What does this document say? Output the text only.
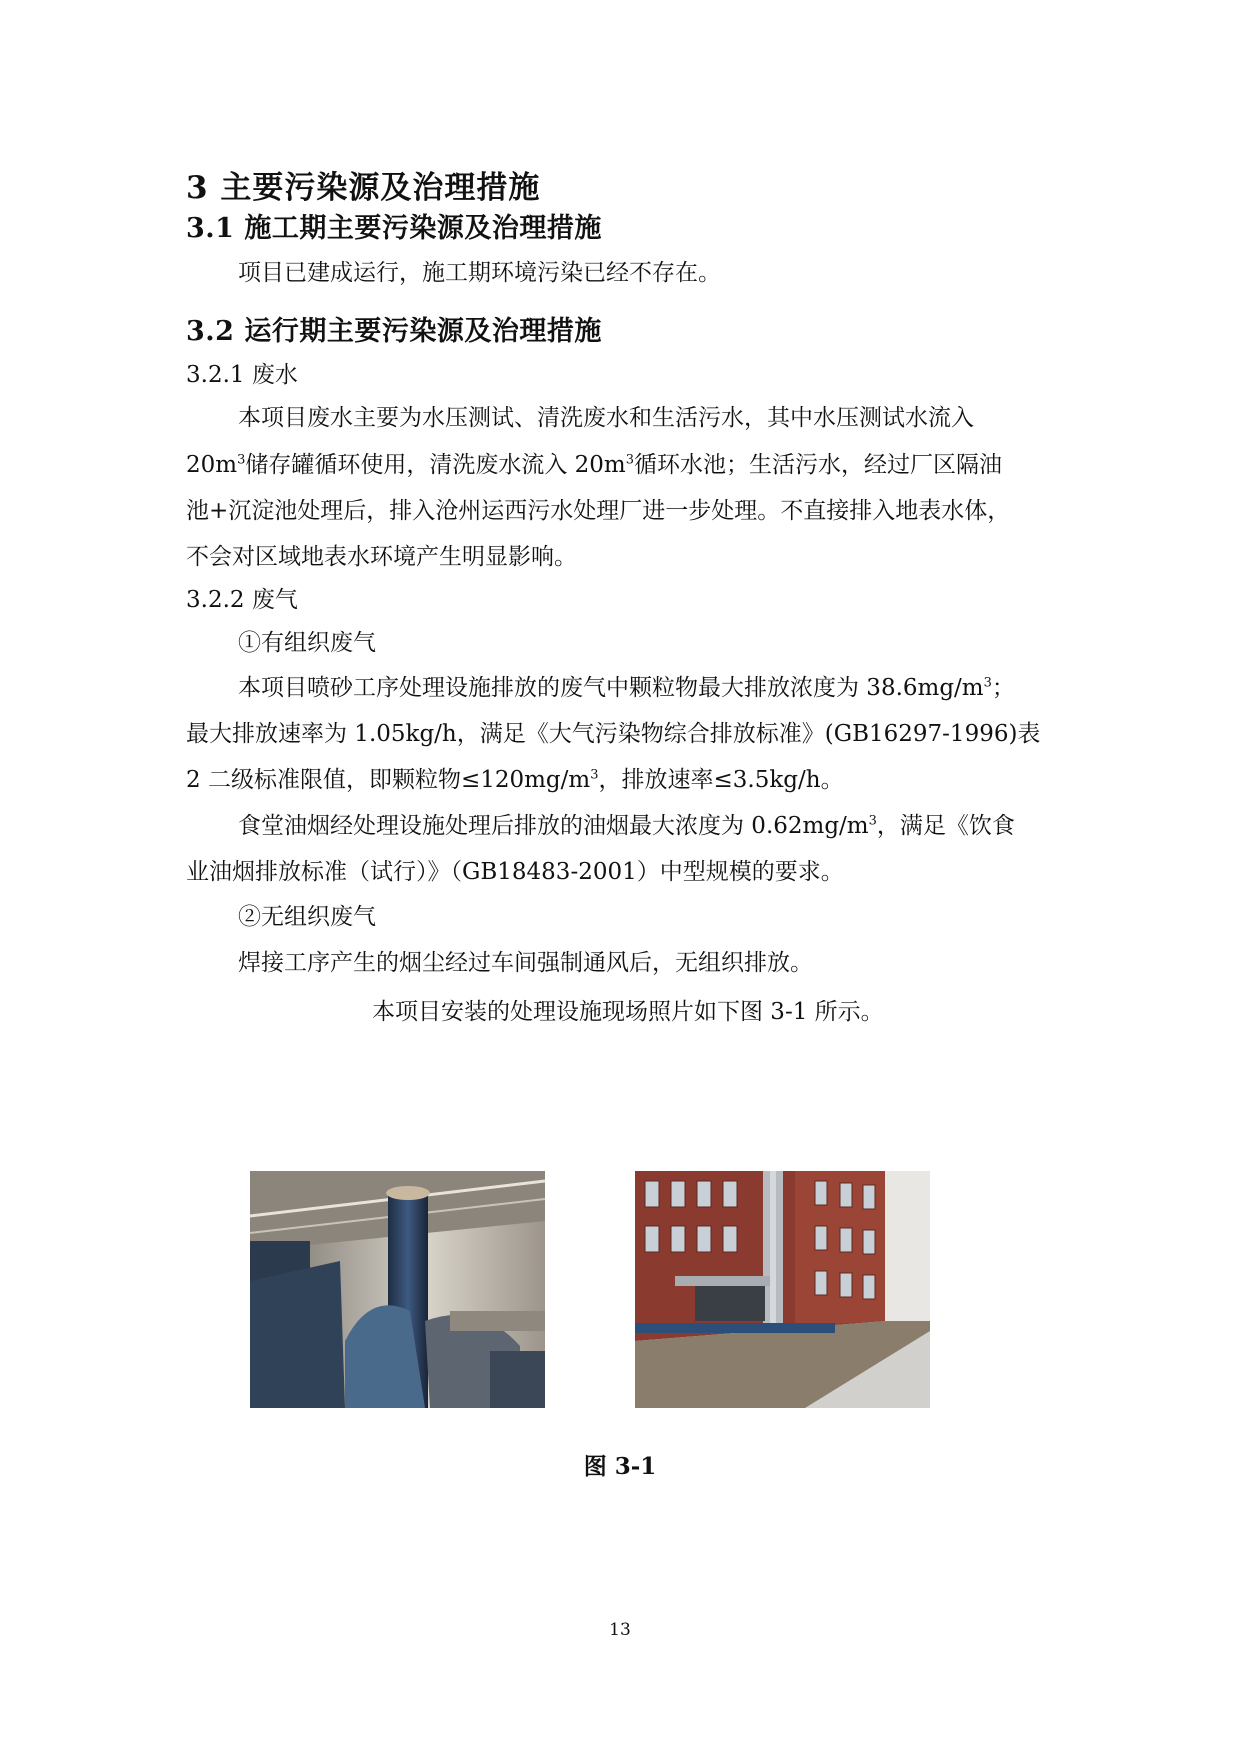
3 主要污染源及治理措施
3.1 施工期主要污染源及治理措施

项目已建成运行，施工期环境污染已经不存在。

3.2 运行期主要污染源及治理措施

3.2.1 废水

本项目废水主要为水压测试、清洗废水和生活污水，其中水压测试水流入

$20m^3$储存罐循环使用，清洗废水流入 $20m^3$循环水池；生活污水，经过厂区隔油

池+沉淀池处理后，排入沧州运西污水处理厂进一步处理。不直接排入地表水体，

不会对区域地表水环境产生明显影响。

3.2.2 废气

①有组织废气

本项目喷砂工序处理设施排放的废气中颗粒物最大排放浓度为 $38.6mg/m^3$；

最大排放速率为 1.05kg/h，满足《大气污染物综合排放标准》(GB16297-1996)表

2 二级标准限值，即颗粒物$\le 120mg/m^3$，排放速率≤3.5kg/h。

食堂油烟经处理设施处理后排放的油烟最大浓度为 $0.62mg/m^3$，满足《饮食

业油烟排放标准（试行）》（GB18483-2001）中型规模的要求。

②无组织废气

焊接工序产生的烟尘经过车间强制通风后，无组织排放。

本项目安装的处理设施现场照片如下图 3-1 所示。

图 3-1

13
